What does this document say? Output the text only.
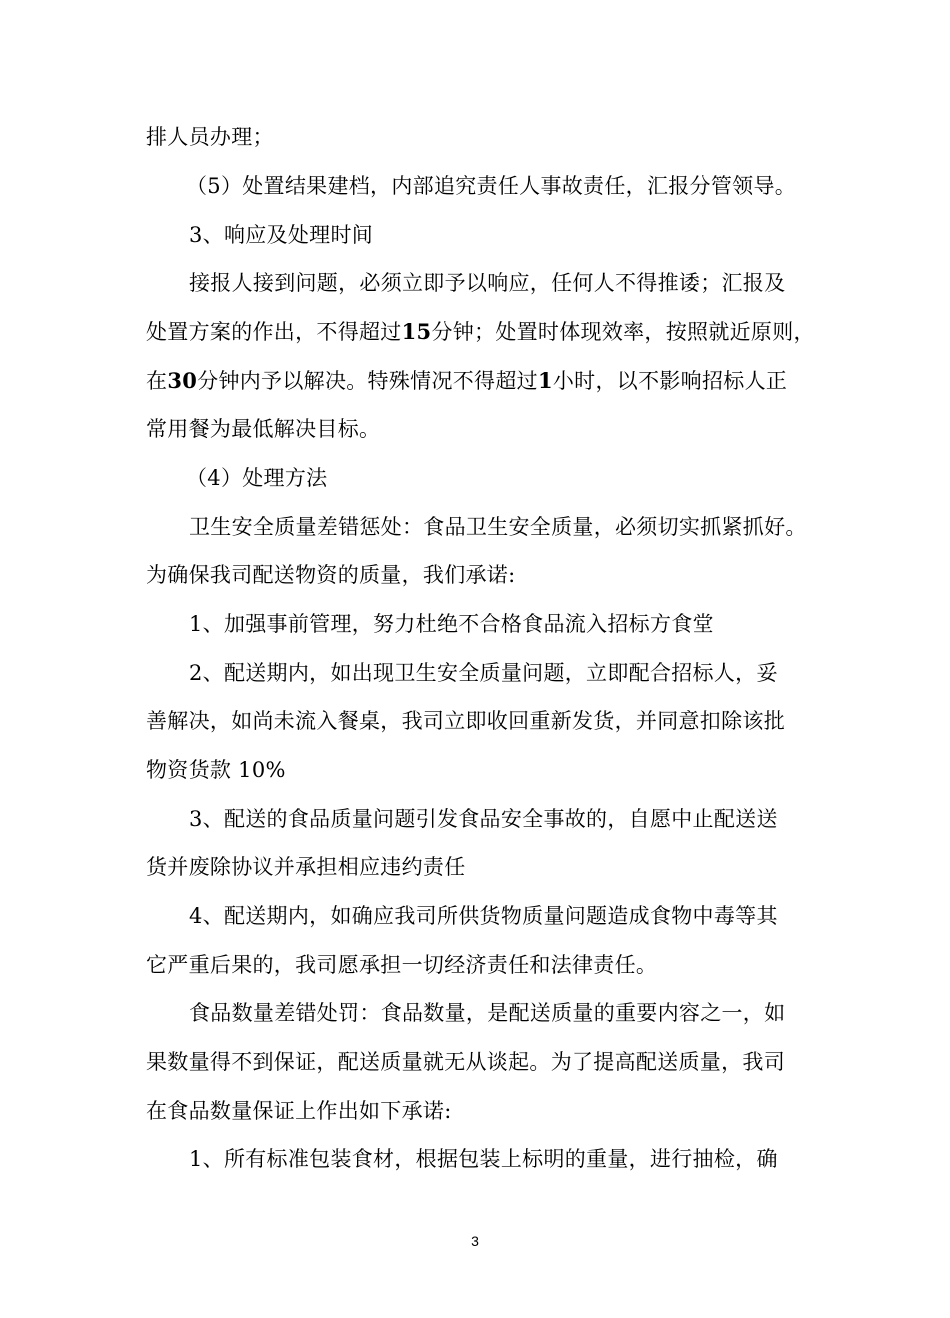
排人员办理；
（5）处置结果建档，内部追究责任人事故责任，汇报分管领导。
3、响应及处理时间
接报人接到问题，必须立即予以响应，任何人不得推诿；汇报及
处置方案的作出，不得超过15分钟；处置时体现效率，按照就近原则，
在30分钟内予以解决。特殊情况不得超过1小时，以不影响招标人正
常用餐为最低解决目标。
（4）处理方法
卫生安全质量差错惩处：食品卫生安全质量，必须切实抓紧抓好。
为确保我司配送物资的质量，我们承诺:
1、加强事前管理，努力杜绝不合格食品流入招标方食堂
2、配送期内，如出现卫生安全质量问题，立即配合招标人，妥
善解决，如尚未流入餐桌，我司立即收回重新发货，并同意扣除该批
物资货款 10%
3、配送的食品质量问题引发食品安全事故的，自愿中止配送送
货并废除协议并承担相应违约责任
4、配送期内，如确应我司所供货物质量问题造成食物中毒等其
它严重后果的，我司愿承担一切经济责任和法律责任。
食品数量差错处罚：食品数量，是配送质量的重要内容之一，如
果数量得不到保证，配送质量就无从谈起。为了提高配送质量，我司
在食品数量保证上作出如下承诺:
1、所有标准包装食材，根据包装上标明的重量，进行抽检，确
3
